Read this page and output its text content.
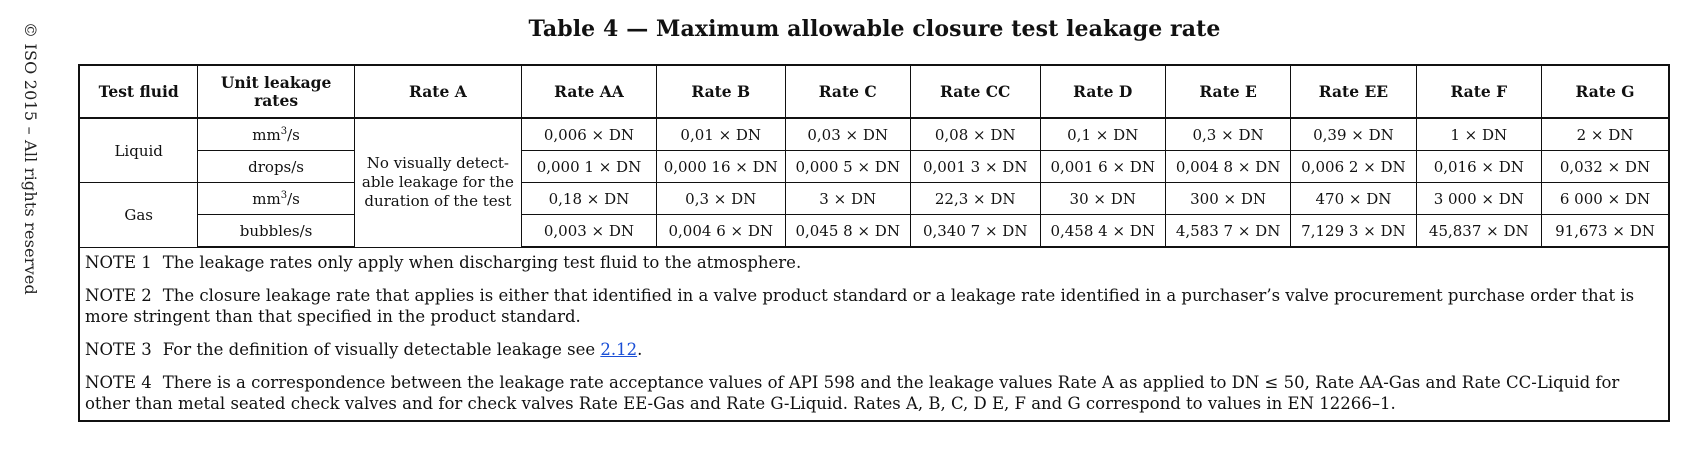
© ISO 2015 – All rights reserved	Table 4 — Maximum allowable closure test leakage rate
Test fluid	Unit leakage rates	Rate A	Rate AA	Rate B	Rate C	Rate CC	Rate D	Rate E	Rate EE	Rate F	Rate G
Liquid	$mm^3/s$	No visually detect-able leakage for the duration of the test	0,006 × DN	0,01 × DN	0,03 × DN	0,08 × DN	0,1 × DN	0,3 × DN	0,39 × DN	1 × DN	2 × DN
	drops/s		0,000 1 × DN	0,000 16 × DN	0,000 5 × DN	0,001 3 × DN	0,001 6 × DN	0,004 8 × DN	0,006 2 × DN	0,016 × DN	0,032 × DN
Gas	$mm^3/s$		0,18 × DN	0,3 × DN	3 × DN	22,3 × DN	30 × DN	300 × DN	470 × DN	3 000 × DN	6 000 × DN
	bubbles/s		0,003 × DN	0,004 6 × DN	0,045 8 × DN	0,340 7 × DN	0,458 4 × DN	4,583 7 × DN	7,129 3 × DN	45,837 × DN	91,673 × DN

NOTE 1 The leakage rates only apply when discharging test fluid to the atmosphere.

NOTE 2 The closure leakage rate that applies is either that identified in a valve product standard or a leakage rate identified in a purchaser’s valve procurement purchase order that is more stringent than that specified in the product standard.

NOTE 3 For the definition of visually detectable leakage see 2.12.

NOTE 4 There is a correspondence between the leakage rate acceptance values of API 598 and the leakage values Rate A as applied to DN ≤ 50, Rate AA-Gas and Rate CC-Liquid for other than metal seated check valves and for check valves Rate EE-Gas and Rate G-Liquid. Rates A, B, C, D E, F and G correspond to values in EN 12266–1.
